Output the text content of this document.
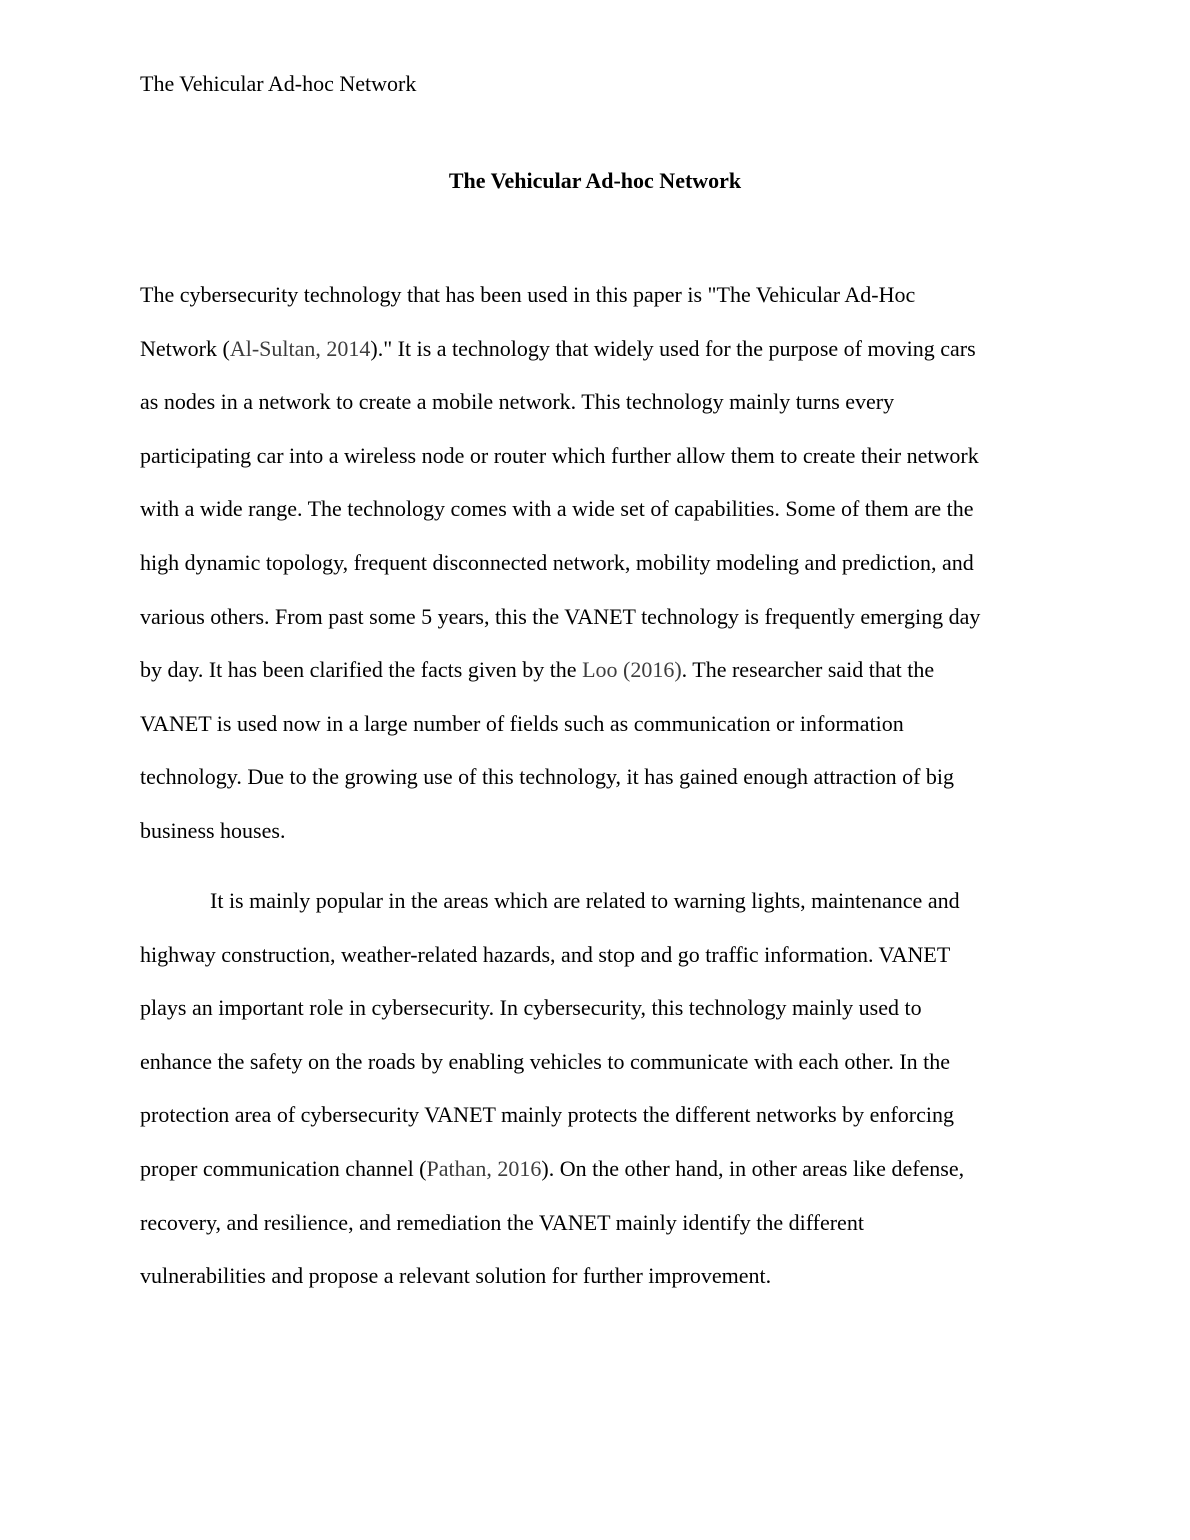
The Vehicular Ad-hoc Network
The Vehicular Ad-hoc Network
The cybersecurity technology that has been used in this paper is "The Vehicular Ad-Hoc
Network (Al-Sultan, 2014)." It is a technology that widely used for the purpose of moving cars
as nodes in a network to create a mobile network. This technology mainly turns every
participating car into a wireless node or router which further allow them to create their network
with a wide range. The technology comes with a wide set of capabilities. Some of them are the
high dynamic topology, frequent disconnected network, mobility modeling and prediction, and
various others. From past some 5 years, this the VANET technology is frequently emerging day
by day. It has been clarified the facts given by the Loo (2016). The researcher said that the
VANET is used now in a large number of fields such as communication or information
technology. Due to the growing use of this technology, it has gained enough attraction of big
business houses.
It is mainly popular in the areas which are related to warning lights, maintenance and
highway construction, weather-related hazards, and stop and go traffic information. VANET
plays an important role in cybersecurity. In cybersecurity, this technology mainly used to
enhance the safety on the roads by enabling vehicles to communicate with each other. In the
protection area of cybersecurity VANET mainly protects the different networks by enforcing
proper communication channel (Pathan, 2016). On the other hand, in other areas like defense,
recovery, and resilience, and remediation the VANET mainly identify the different
vulnerabilities and propose a relevant solution for further improvement.
